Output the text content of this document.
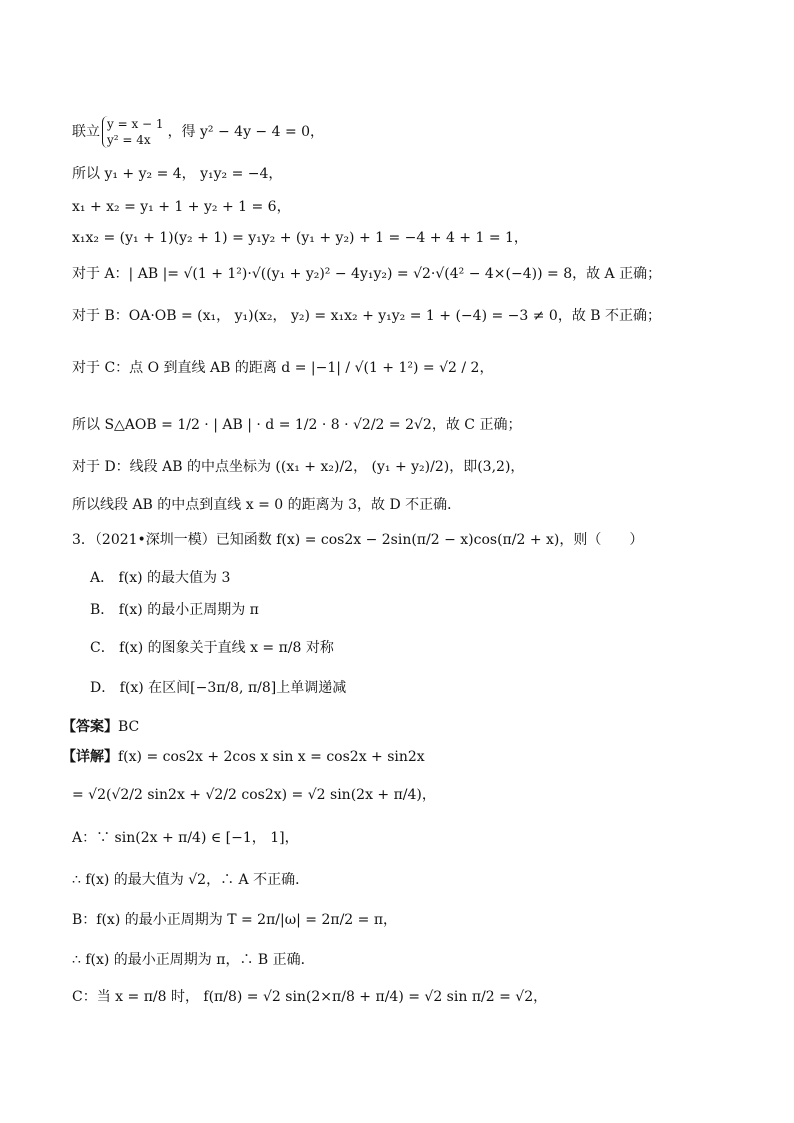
联立 y = x − 1
y² = 4x ，得 y² − 4y − 4 = 0，
所以 y₁ + y₂ = 4， y₁y₂ = −4，
x₁ + x₂ = y₁ + 1 + y₂ + 1 = 6，
x₁x₂ = (y₁ + 1)(y₂ + 1) = y₁y₂ + (y₁ + y₂) + 1 = −4 + 4 + 1 = 1，
对于 A：| AB |= √(1 + 1²)·√((y₁ + y₂)² − 4y₁y₂) = √2·√(4² − 4×(−4)) = 8，故 A 正确；
对于 B：OA·OB = (x₁， y₁)(x₂， y₂) = x₁x₂ + y₁y₂ = 1 + (−4) = −3 ≠ 0，故 B 不正确；
对于 C：点 O 到直线 AB 的距离 d = |−1| / √(1 + 1²) = √2 / 2，
所以 S△AOB = 1/2 · | AB | · d = 1/2 · 8 · √2/2 = 2√2，故 C 正确；
对于 D：线段 AB 的中点坐标为 ((x₁ + x₂)/2， (y₁ + y₂)/2)，即(3,2)，
所以线段 AB 的中点到直线 x = 0 的距离为 3，故 D 不正确．
3．（2021•深圳一模）已知函数 f(x) = cos2x − 2sin(π/2 − x)cos(π/2 + x)，则（　　）
A． f(x) 的最大值为 3
B． f(x) 的最小正周期为 π
C． f(x) 的图象关于直线 x = π/8 对称
D． f(x) 在区间[−3π/8, π/8]上单调递减
【答案】BC
【详解】f(x) = cos2x + 2cos x sin x = cos2x + sin2x
= √2(√2/2 sin2x + √2/2 cos2x) = √2 sin(2x + π/4)，
A：∵ sin(2x + π/4) ∈ [−1， 1]，
∴ f(x) 的最大值为 √2，∴ A 不正确．
B：f(x) 的最小正周期为 T = 2π/|ω| = 2π/2 = π，
∴ f(x) 的最小正周期为 π，∴ B 正确．
C：当 x = π/8 时， f(π/8) = √2 sin(2×π/8 + π/4) = √2 sin π/2 = √2，
